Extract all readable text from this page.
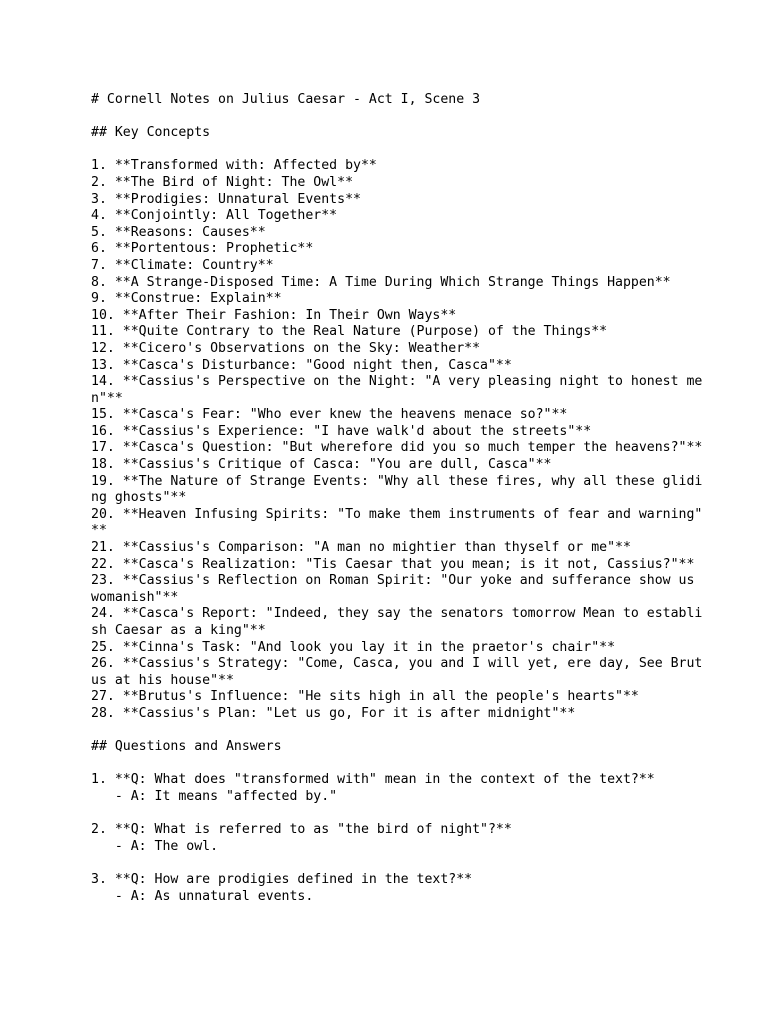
# Cornell Notes on Julius Caesar - Act I, Scene 3
## Key Concepts
1. **Transformed with: Affected by**
2. **The Bird of Night: The Owl**
3. **Prodigies: Unnatural Events**
4. **Conjointly: All Together**
5. **Reasons: Causes**
6. **Portentous: Prophetic**
7. **Climate: Country**
8. **A Strange-Disposed Time: A Time During Which Strange Things Happen**
9. **Construe: Explain**
10. **After Their Fashion: In Their Own Ways**
11. **Quite Contrary to the Real Nature (Purpose) of the Things**
12. **Cicero's Observations on the Sky: Weather**
13. **Casca's Disturbance: "Good night then, Casca"**
14. **Cassius's Perspective on the Night: "A very pleasing night to honest me
n"**
15. **Casca's Fear: "Who ever knew the heavens menace so?"**
16. **Cassius's Experience: "I have walk'd about the streets"**
17. **Casca's Question: "But wherefore did you so much temper the heavens?"**
18. **Cassius's Critique of Casca: "You are dull, Casca"**
19. **The Nature of Strange Events: "Why all these fires, why all these glidi
ng ghosts"**
20. **Heaven Infusing Spirits: "To make them instruments of fear and warning"
**
21. **Cassius's Comparison: "A man no mightier than thyself or me"**
22. **Casca's Realization: "Tis Caesar that you mean; is it not, Cassius?"**
23. **Cassius's Reflection on Roman Spirit: "Our yoke and sufferance show us
womanish"**
24. **Casca's Report: "Indeed, they say the senators tomorrow Mean to establi
sh Caesar as a king"**
25. **Cinna's Task: "And look you lay it in the praetor's chair"**
26. **Cassius's Strategy: "Come, Casca, you and I will yet, ere day, See Brut
us at his house"**
27. **Brutus's Influence: "He sits high in all the people's hearts"**
28. **Cassius's Plan: "Let us go, For it is after midnight"**
## Questions and Answers
1. **Q: What does "transformed with" mean in the context of the text?**
- A: It means "affected by."
2. **Q: What is referred to as "the bird of night"?**
- A: The owl.
3. **Q: How are prodigies defined in the text?**
- A: As unnatural events.
